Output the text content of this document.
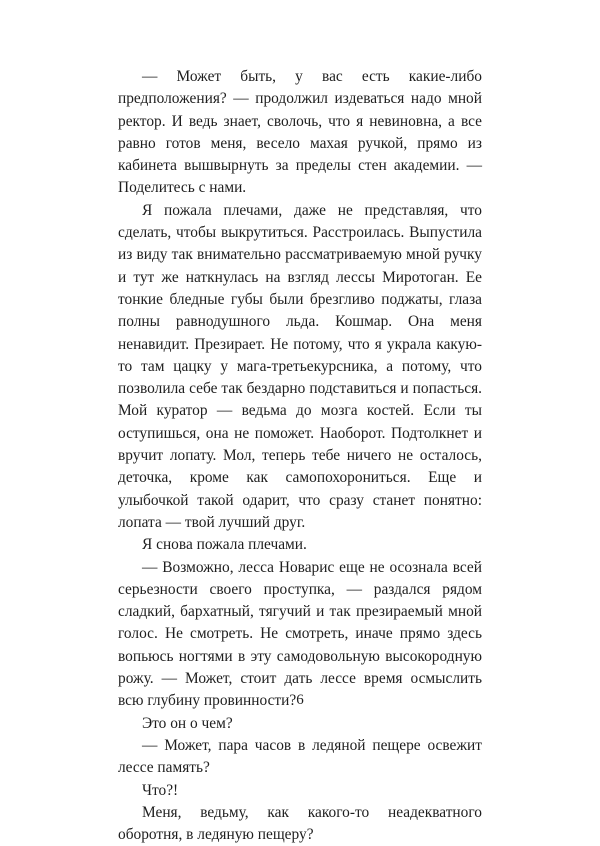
— Может быть, у вас есть какие-либо предположения? — продолжил издеваться надо мной ректор. И ведь знает, сволочь, что я невиновна, а все равно готов меня, весело махая ручкой, прямо из кабинета вышвырнуть за пределы стен академии. — Поделитесь с нами.

Я пожала плечами, даже не представляя, что сделать, чтобы выкрутиться. Расстроилась. Выпустила из виду так внимательно рассматриваемую мной ручку и тут же наткнулась на взгляд лессы Миротоган. Ее тонкие бледные губы были брезгливо поджаты, глаза полны равнодушного льда. Кошмар. Она меня ненавидит. Презирает. Не потому, что я украла какую-то там цацку у мага-третьекурсника, а потому, что позволила себе так бездарно подставиться и попасться. Мой куратор — ведьма до мозга костей. Если ты оступишься, она не поможет. Наоборот. Подтолкнет и вручит лопату. Мол, теперь тебе ничего не осталось, деточка, кроме как самопохорониться. Еще и улыбочкой такой одарит, что сразу станет понятно: лопата — твой лучший друг.

Я снова пожала плечами.

— Возможно, лесса Новарис еще не осознала всей серьезности своего проступка, — раздался рядом сладкий, бархатный, тягучий и так презираемый мной голос. Не смотреть. Не смотреть, иначе прямо здесь вопьюсь ногтями в эту самодовольную высокородную рожу. — Может, стоит дать лессе время осмыслить всю глубину провинности?

Это он о чем?

— Может, пара часов в ледяной пещере освежит лессе память?

Что?!

Меня, ведьму, как какого-то неадекватного оборотня, в ледяную пещеру?

6
